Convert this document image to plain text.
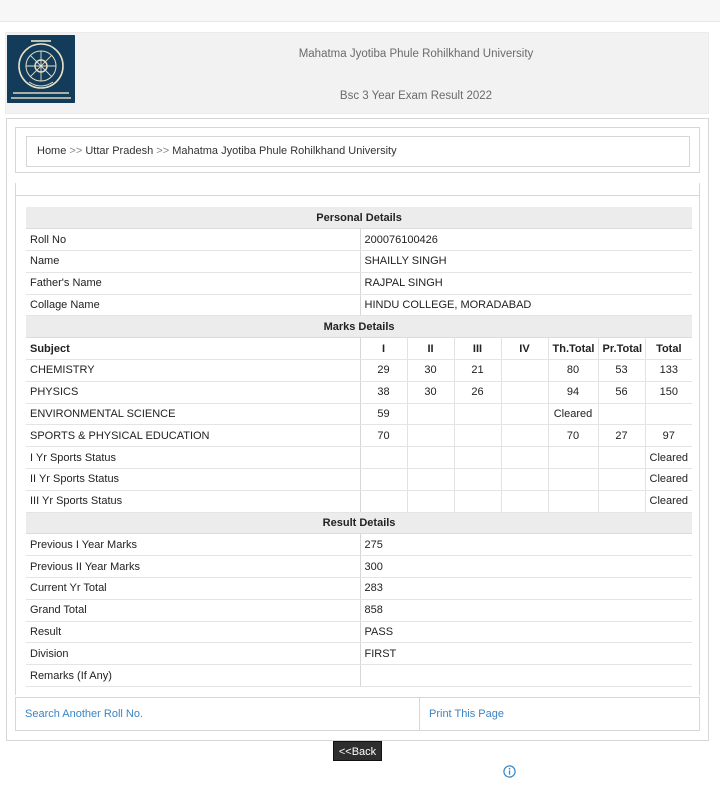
Mahatma Jyotiba Phule Rohilkhand University
Bsc 3 Year Exam Result 2022
Home >> Uttar Pradesh >> Mahatma Jyotiba Phule Rohilkhand University
Personal Details							
Roll No	200076100426						
Name	SHAILLY SINGH						
Father's Name	RAJPAL SINGH						
Collage Name	HINDU COLLEGE, MORADABAD						
Marks Details							
Subject	I	II	III	IV	Th.Total	Pr.Total	Total
CHEMISTRY	29	30	21		80	53	133
PHYSICS	38	30	26		94	56	150
ENVIRONMENTAL SCIENCE	59				Cleared		
SPORTS & PHYSICAL EDUCATION	70				70	27	97
I Yr Sports Status							Cleared
II Yr Sports Status							Cleared
III Yr Sports Status							Cleared
Result Details							
Previous I Year Marks	275						
Previous II Year Marks	300						
Current Yr Total	283						
Grand Total	858						
Result	PASS						
Division	FIRST						
Remarks (If Any)							
Search Another Roll No.	Print This Page
<<Back
